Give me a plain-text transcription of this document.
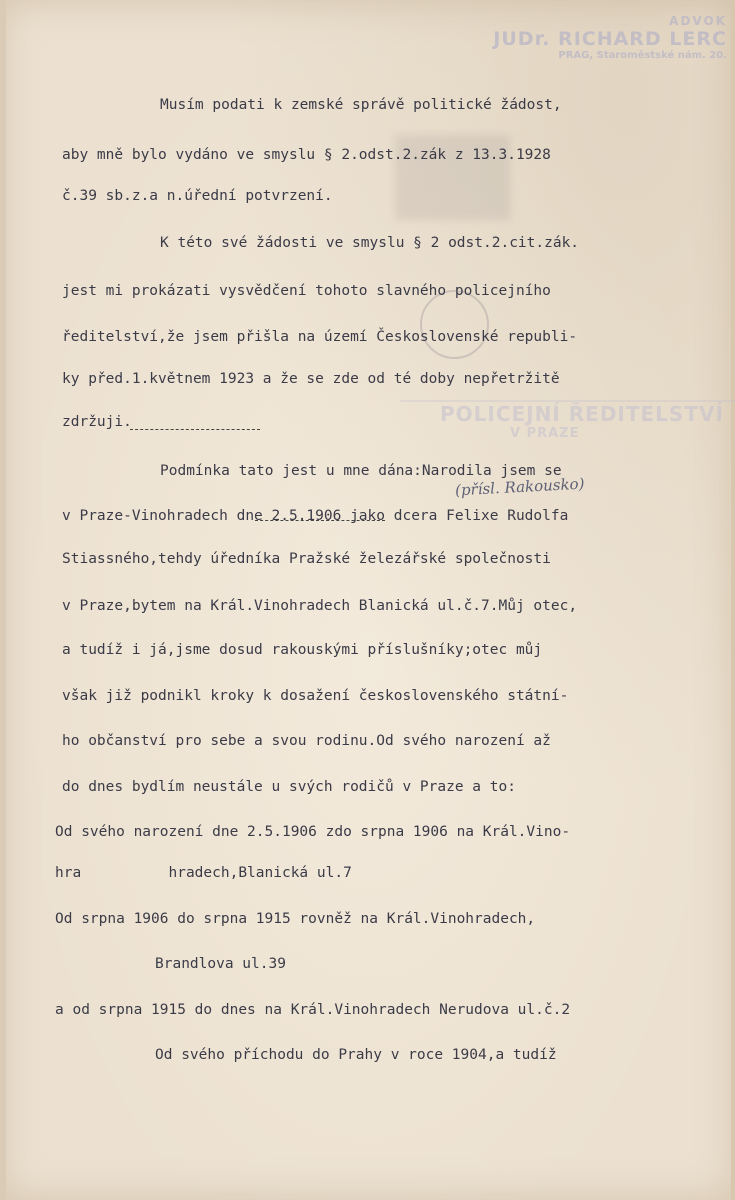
ADVOK
JUDr. RICHARD LERC
PRAG, Staroměstské nám. 20.
POLICEJNÍ ŘEDITELSTVÍ
V PRAZE
Musím podati k zemské správě politické žádost,
aby mně bylo vydáno ve smyslu § 2.odst.2.zák z 13.3.1928
č.39 sb.z.a n.úřední potvrzení.
K této své žádosti ve smyslu § 2 odst.2.cit.zák.
jest mi prokázati vysvědčení tohoto slavného policejního
ředitelství,že jsem přišla na území Československé republi-
ky před.1.květnem 1923 a že se zde od té doby nepřetržitě
zdržuji.
Podmínka tato jest u mne dána:Narodila jsem se
(přísl. Rakousko)
v Praze-Vinohradech dne 2.5.1906 jako dcera Felixe Rudolfa
Stiassného,tehdy úředníka Pražské železářské společnosti
v Praze,bytem na Král.Vinohradech Blanická ul.č.7.Můj otec,
a tudíž i já,jsme dosud rakouskými příslušníky;otec můj
však již podnikl kroky k dosažení československého státní-
ho občanství pro sebe a svou rodinu.Od svého narození až
do dnes bydlím neustále u svých rodičů v Praze a to:
Od svého narození dne 2.5.1906 zdo srpna 1906 na Král.Vino-
hra          hradech,Blanická ul.7
Od srpna 1906 do srpna 1915 rovněž na Král.Vinohradech,
Brandlova ul.39
a od srpna 1915 do dnes na Král.Vinohradech Nerudova ul.č.2
Od svého příchodu do Prahy v roce 1904,a tudíž
